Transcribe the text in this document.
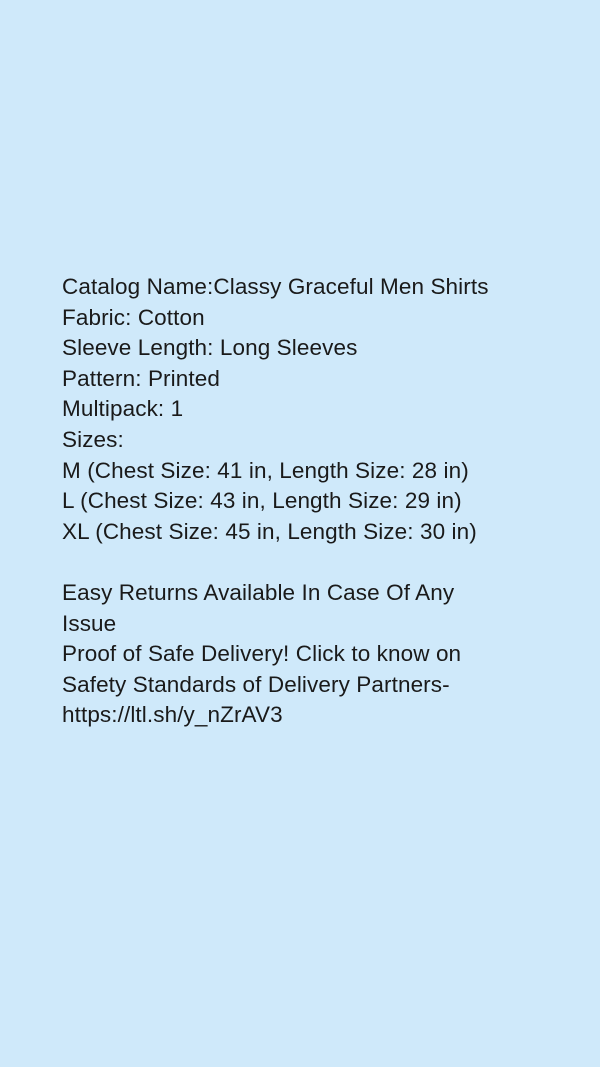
Catalog Name:Classy Graceful Men Shirts
Fabric: Cotton
Sleeve Length: Long Sleeves
Pattern: Printed
Multipack: 1
Sizes:
M (Chest Size: 41 in, Length Size: 28 in)
L (Chest Size: 43 in, Length Size: 29 in)
XL (Chest Size: 45 in, Length Size: 30 in)
Easy Returns Available In Case Of Any Issue
Proof of Safe Delivery! Click to know on Safety Standards of Delivery Partners- https://ltl.sh/y_nZrAV3
